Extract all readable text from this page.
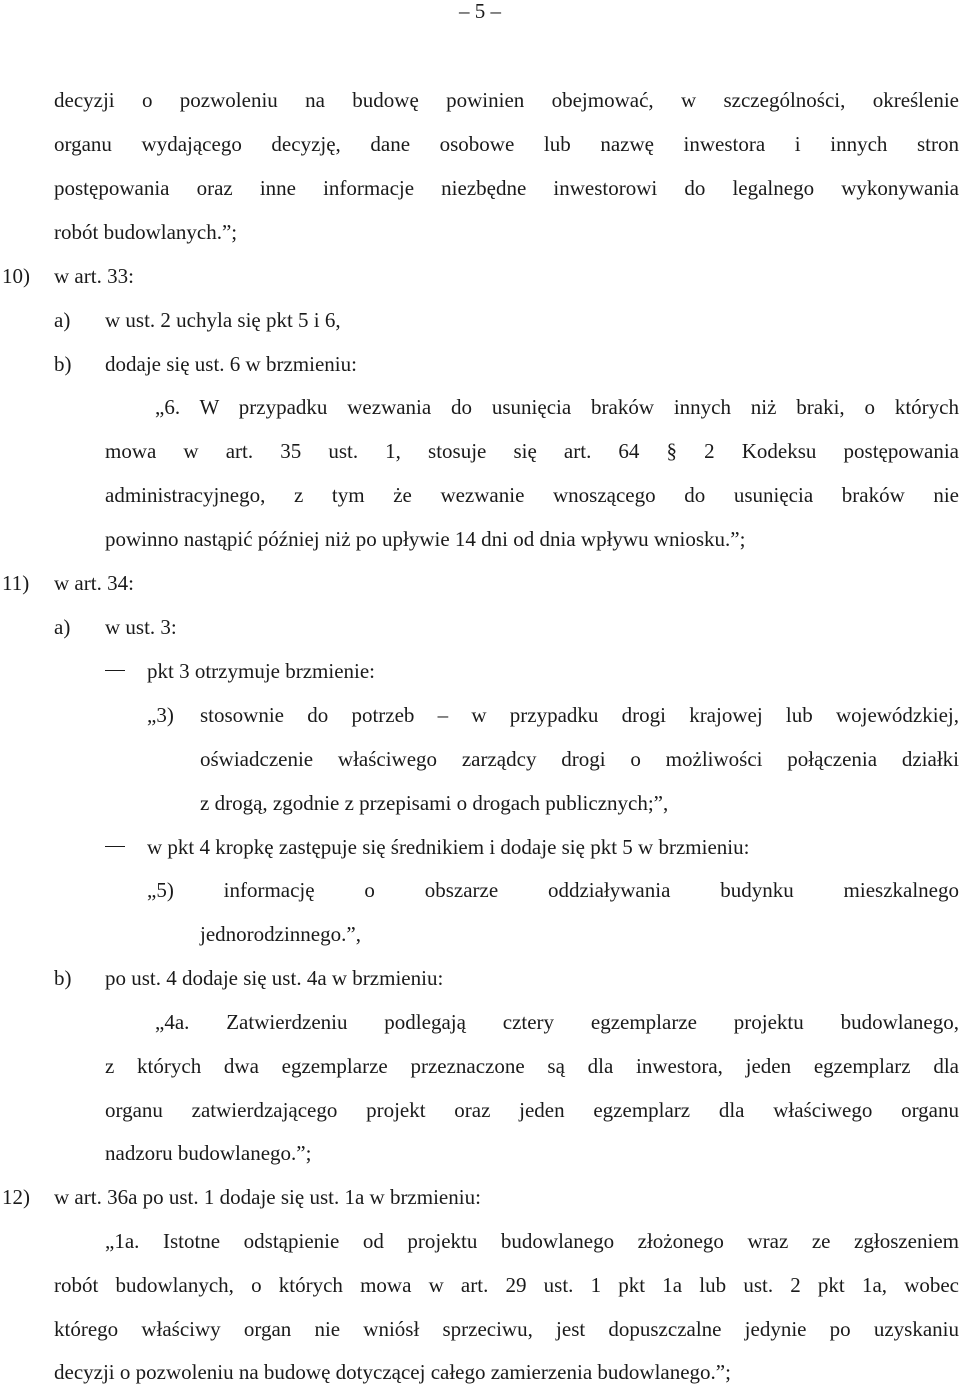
– 5 –
decyzji o pozwoleniu na budowę powinien obejmować, w szczególności, określenie
organu wydającego decyzję, dane osobowe lub nazwę inwestora i innych stron
postępowania oraz inne informacje niezbędne inwestorowi do legalnego wykonywania
robót budowlanych.”;
10) w art. 33:
a) w ust. 2 uchyla się pkt 5 i 6,
b) dodaje się ust. 6 w brzmieniu:
„6. W przypadku wezwania do usunięcia braków innych niż braki, o których
mowa w art. 35 ust. 1, stosuje się art. 64 § 2 Kodeksu postępowania
administracyjnego, z tym że wezwanie wnoszącego do usunięcia braków nie
powinno nastąpić później niż po upływie 14 dni od dnia wpływu wniosku.”;
11) w art. 34:
a) w ust. 3:
pkt 3 otrzymuje brzmienie:
„3) stosownie do potrzeb – w przypadku drogi krajowej lub wojewódzkiej,
oświadczenie właściwego zarządcy drogi o możliwości połączenia działki
z drogą, zgodnie z przepisami o drogach publicznych;”,
w pkt 4 kropkę zastępuje się średnikiem i dodaje się pkt 5 w brzmieniu:
„5) informację o obszarze oddziaływania budynku mieszkalnego
jednorodzinnego.”,
b) po ust. 4 dodaje się ust. 4a w brzmieniu:
„4a. Zatwierdzeniu podlegają cztery egzemplarze projektu budowlanego,
z których dwa egzemplarze przeznaczone są dla inwestora, jeden egzemplarz dla
organu zatwierdzającego projekt oraz jeden egzemplarz dla właściwego organu
nadzoru budowlanego.”;
12) w art. 36a po ust. 1 dodaje się ust. 1a w brzmieniu:
„1a. Istotne odstąpienie od projektu budowlanego złożonego wraz ze zgłoszeniem
robót budowlanych, o których mowa w art. 29 ust. 1 pkt 1a lub ust. 2 pkt 1a, wobec
którego właściwy organ nie wniósł sprzeciwu, jest dopuszczalne jedynie po uzyskaniu
decyzji o pozwoleniu na budowę dotyczącej całego zamierzenia budowlanego.”;
